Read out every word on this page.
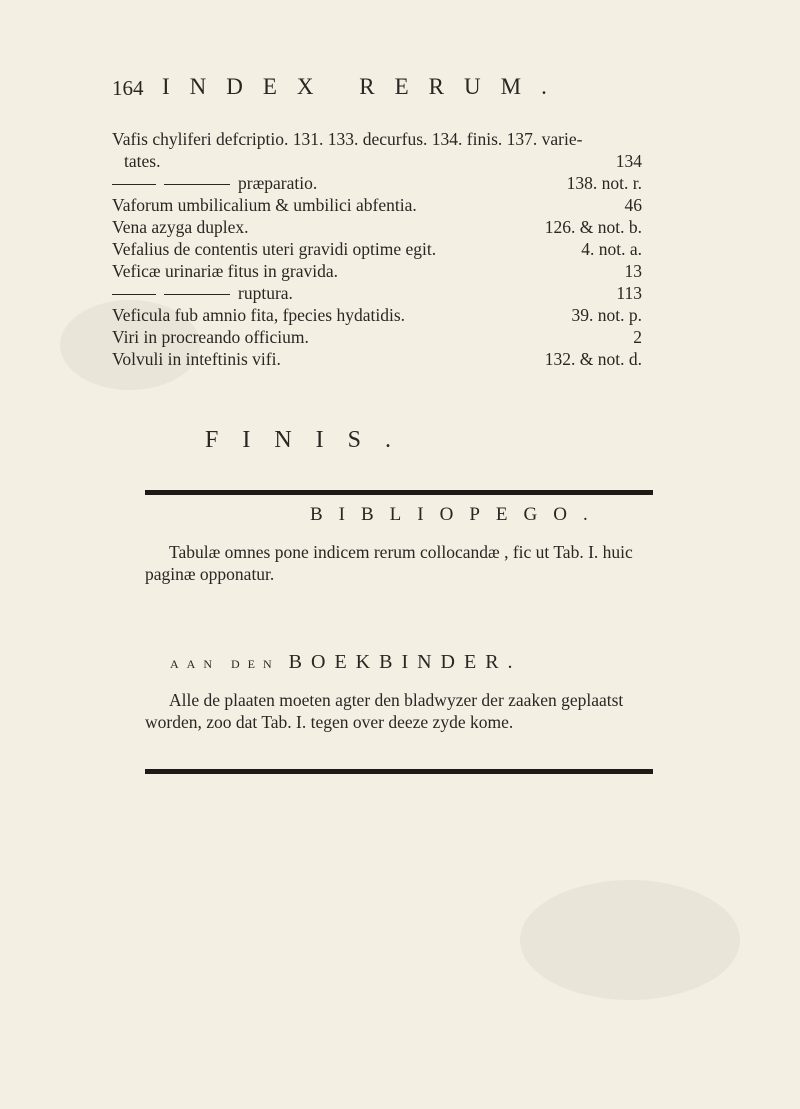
164 INDEX RERUM.
Vafis chyliferi defcriptio. 131. 133. decurfus. 134. finis. 137. varie-
tates.	134
præparatio.	138. not. r.
Vaforum umbilicalium & umbilici abfentia.	46
Vena azyga duplex.	126. & not. b.
Vefalius de contentis uteri gravidi optime egit.	4. not. a.
Veficæ urinariæ fitus in gravida.	13
ruptura.	113
Veficula fub amnio fita, fpecies hydatidis.	39. not. p.
Viri in procreando officium.	2
Volvuli in inteftinis vifi.	132. & not. d.
FINIS.
BIBLIOPEGO.
Tabulæ omnes pone indicem rerum collocandæ , fic ut Tab. I. huic paginæ opponatur.
AAN DEN BOEKBINDER.
Alle de plaaten moeten agter den bladwyzer der zaaken geplaatst worden, zoo dat Tab. I. tegen over deeze zyde kome.
